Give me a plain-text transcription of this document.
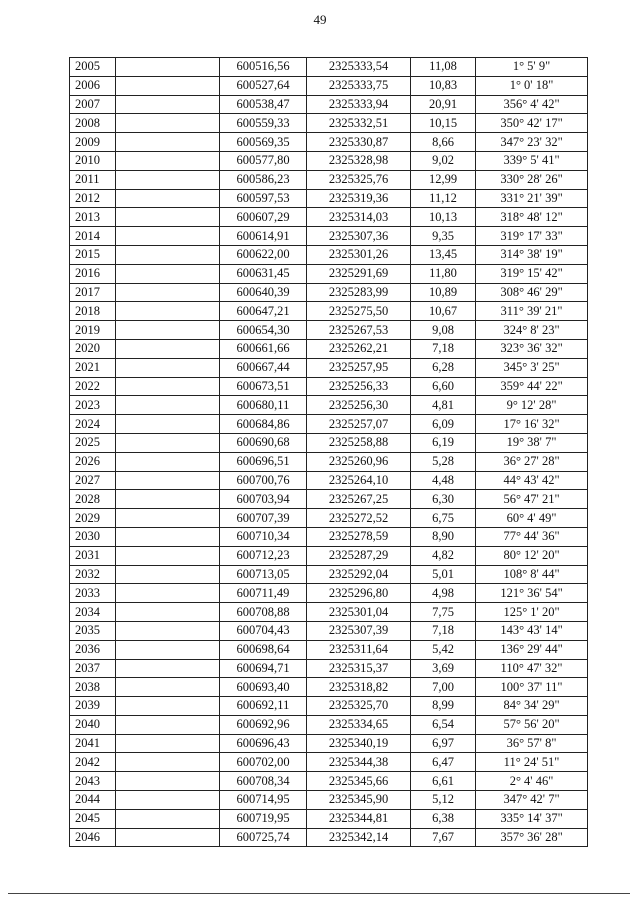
49
2005		600516,56	2325333,54	11,08	1° 5' 9"
2006		600527,64	2325333,75	10,83	1° 0' 18"
2007		600538,47	2325333,94	20,91	356° 4' 42"
2008		600559,33	2325332,51	10,15	350° 42' 17"
2009		600569,35	2325330,87	8,66	347° 23' 32"
2010		600577,80	2325328,98	9,02	339° 5' 41"
2011		600586,23	2325325,76	12,99	330° 28' 26"
2012		600597,53	2325319,36	11,12	331° 21' 39"
2013		600607,29	2325314,03	10,13	318° 48' 12"
2014		600614,91	2325307,36	9,35	319° 17' 33"
2015		600622,00	2325301,26	13,45	314° 38' 19"
2016		600631,45	2325291,69	11,80	319° 15' 42"
2017		600640,39	2325283,99	10,89	308° 46' 29"
2018		600647,21	2325275,50	10,67	311° 39' 21"
2019		600654,30	2325267,53	9,08	324° 8' 23"
2020		600661,66	2325262,21	7,18	323° 36' 32"
2021		600667,44	2325257,95	6,28	345° 3' 25"
2022		600673,51	2325256,33	6,60	359° 44' 22"
2023		600680,11	2325256,30	4,81	9° 12' 28"
2024		600684,86	2325257,07	6,09	17° 16' 32"
2025		600690,68	2325258,88	6,19	19° 38' 7"
2026		600696,51	2325260,96	5,28	36° 27' 28"
2027		600700,76	2325264,10	4,48	44° 43' 42"
2028		600703,94	2325267,25	6,30	56° 47' 21"
2029		600707,39	2325272,52	6,75	60° 4' 49"
2030		600710,34	2325278,59	8,90	77° 44' 36"
2031		600712,23	2325287,29	4,82	80° 12' 20"
2032		600713,05	2325292,04	5,01	108° 8' 44"
2033		600711,49	2325296,80	4,98	121° 36' 54"
2034		600708,88	2325301,04	7,75	125° 1' 20"
2035		600704,43	2325307,39	7,18	143° 43' 14"
2036		600698,64	2325311,64	5,42	136° 29' 44"
2037		600694,71	2325315,37	3,69	110° 47' 32"
2038		600693,40	2325318,82	7,00	100° 37' 11"
2039		600692,11	2325325,70	8,99	84° 34' 29"
2040		600692,96	2325334,65	6,54	57° 56' 20"
2041		600696,43	2325340,19	6,97	36° 57' 8"
2042		600702,00	2325344,38	6,47	11° 24' 51"
2043		600708,34	2325345,66	6,61	2° 4' 46"
2044		600714,95	2325345,90	5,12	347° 42' 7"
2045		600719,95	2325344,81	6,38	335° 14' 37"
2046		600725,74	2325342,14	7,67	357° 36' 28"
